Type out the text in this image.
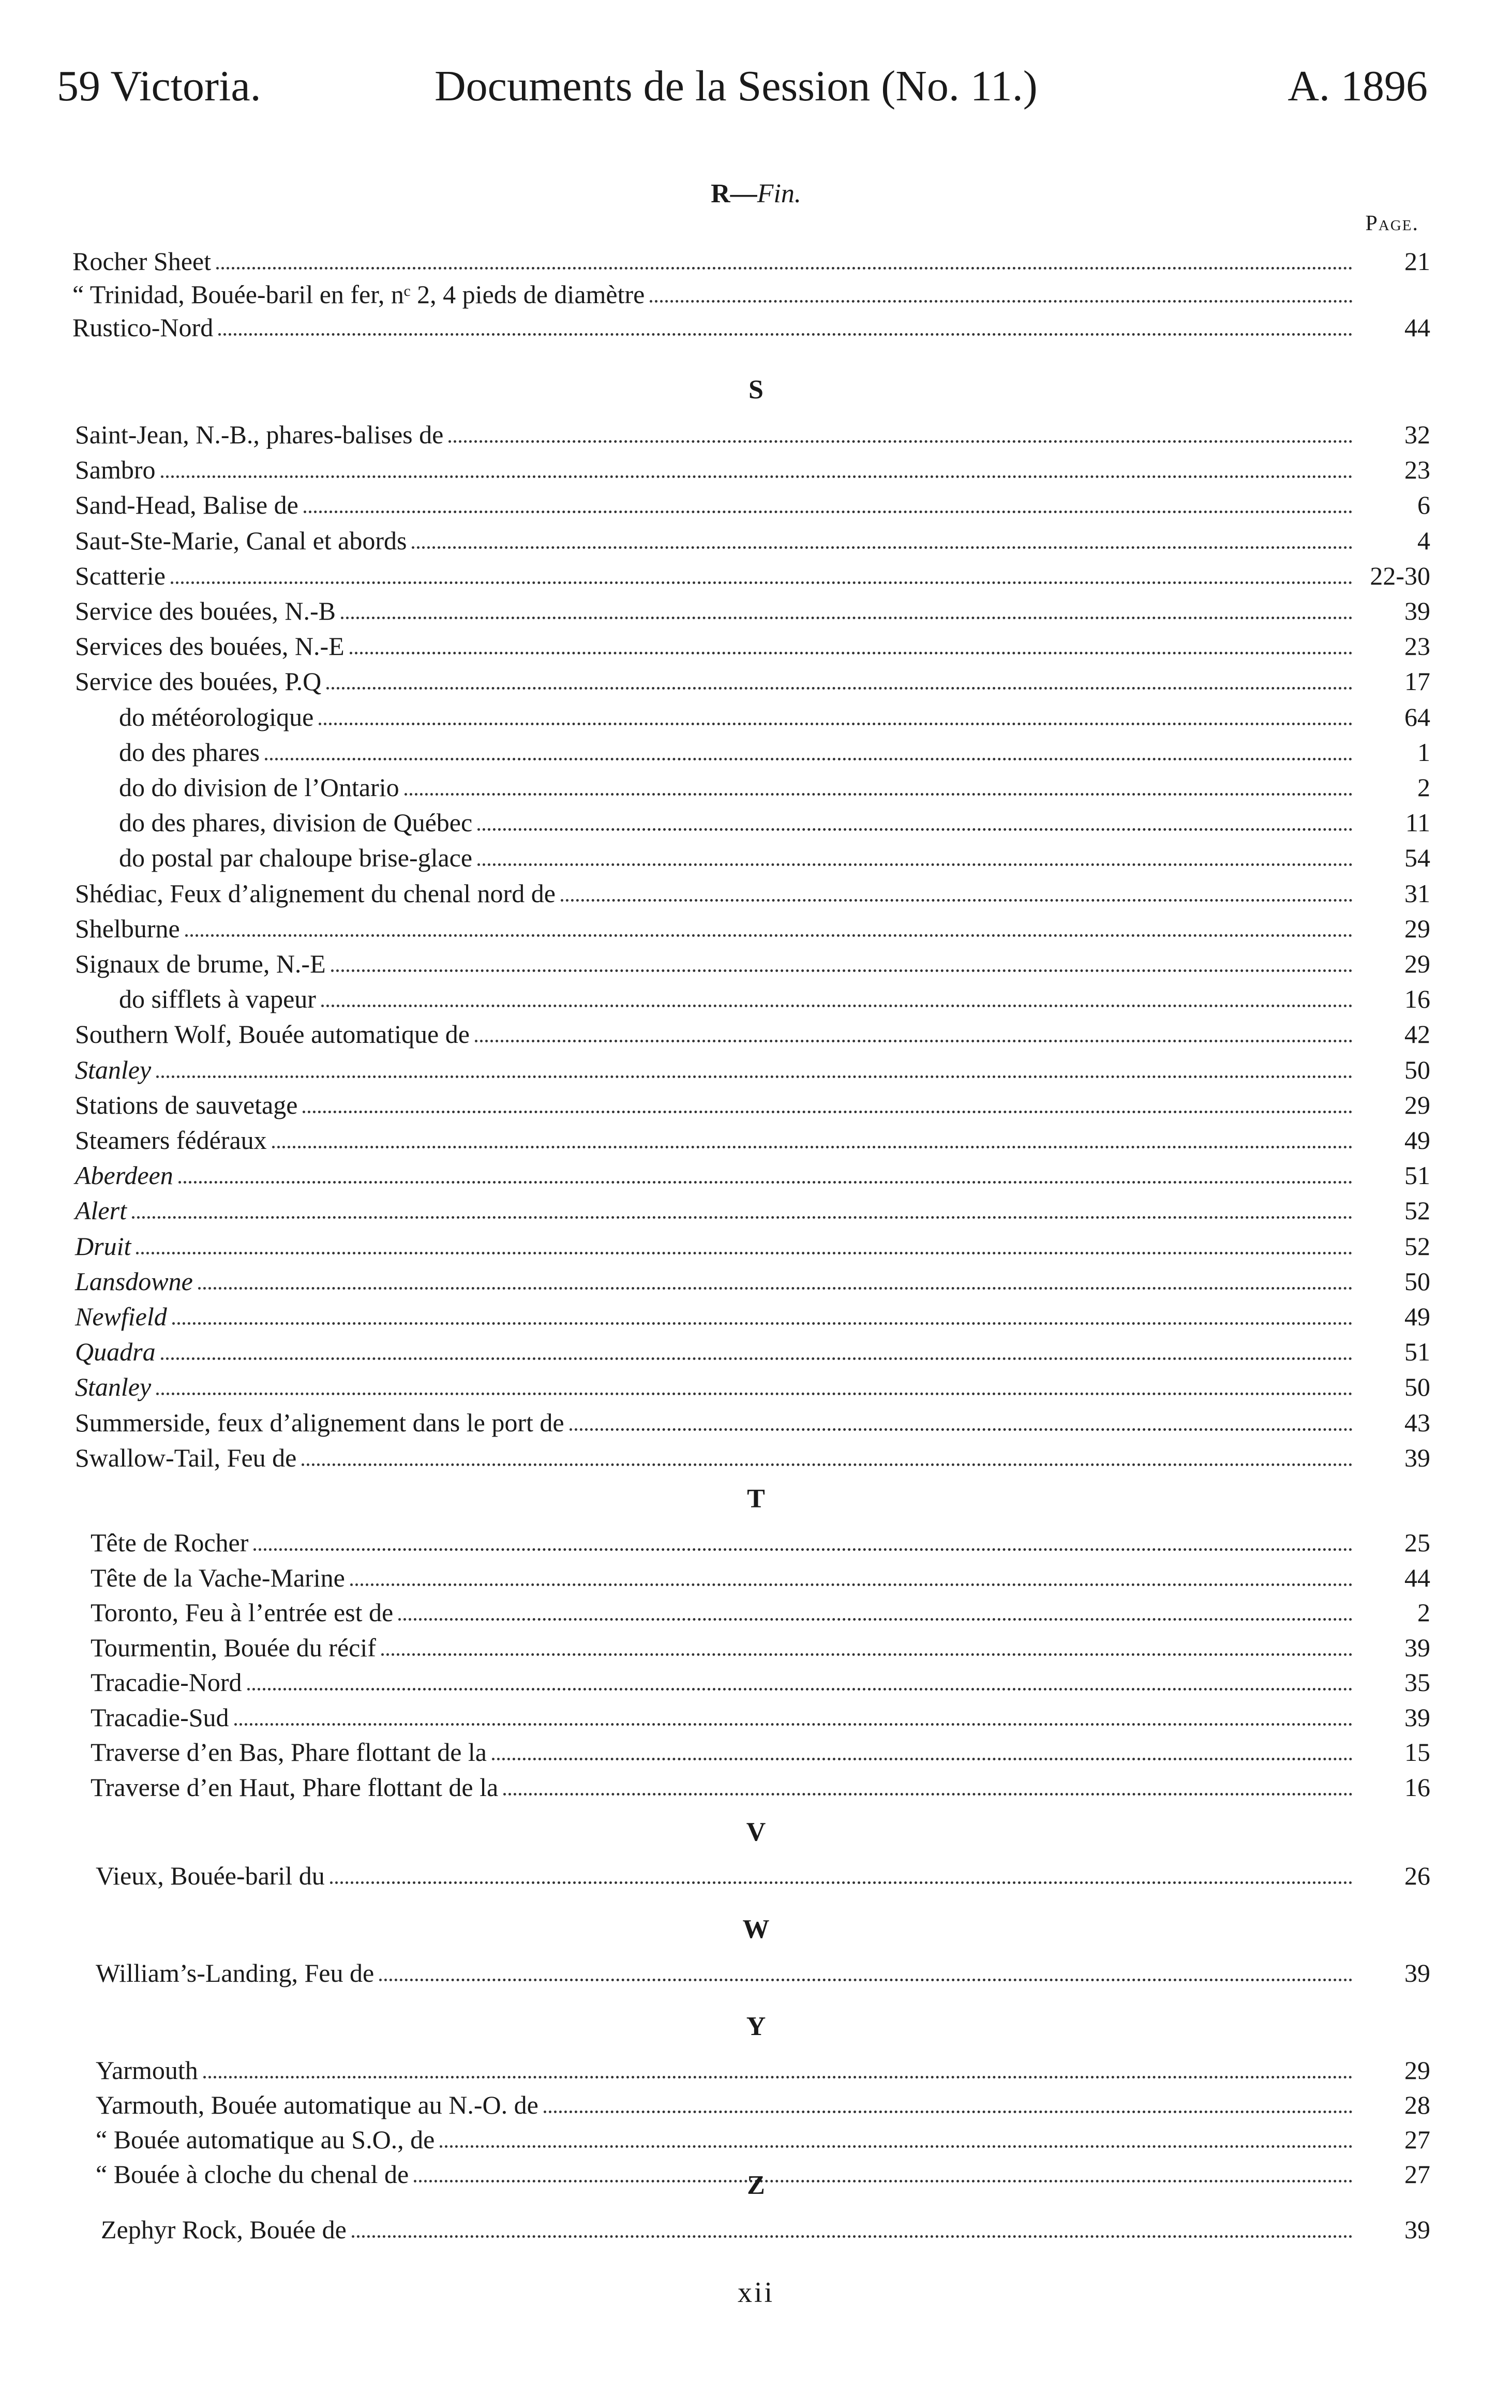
59 Victoria.	Documents de la Session (No. 11.)	A. 1896
R—Fin.
Page.
Rocher Sheet	21
“ Trinidad, Bouée-baril en fer, nᶜ 2, 4 pieds de diamètre
Rustico-Nord	44
S
Saint-Jean, N.-B., phares-balises de	32
Sambro	23
Sand-Head, Balise de	6
Saut-Ste-Marie, Canal et abords	4
Scatterie	22-30
Service des bouées, N.-B	39
Services des bouées, N.-E	23
Service des bouées, P.Q	17
do météorologique	64
do des phares	1
do do division de l’Ontario	2
do des phares, division de Québec	11
do postal par chaloupe brise-glace	54
Shédiac, Feux d’alignement du chenal nord de	31
Shelburne	29
Signaux de brume, N.-E	29
do sifflets à vapeur	16
Southern Wolf, Bouée automatique de	42
Stanley	50
Stations de sauvetage	29
Steamers fédéraux	49
Aberdeen	51
Alert	52
Druit	52
Lansdowne	50
Newfield	49
Quadra	51
Stanley	50
Summerside, feux d’alignement dans le port de	43
Swallow-Tail, Feu de	39
T
Tête de Rocher	25
Tête de la Vache-Marine	44
Toronto, Feu à l’entrée est de	2
Tourmentin, Bouée du récif	39
Tracadie-Nord	35
Tracadie-Sud	39
Traverse d’en Bas, Phare flottant de la	15
Traverse d’en Haut, Phare flottant de la	16
V
Vieux, Bouée-baril du	26
W
William’s-Landing, Feu de	39
Y
Yarmouth	29
Yarmouth, Bouée automatique au N.-O. de	28
“ Bouée automatique au S.O., de	27
“ Bouée à cloche du chenal de	27
Z
Zephyr Rock, Bouée de	39
xii
